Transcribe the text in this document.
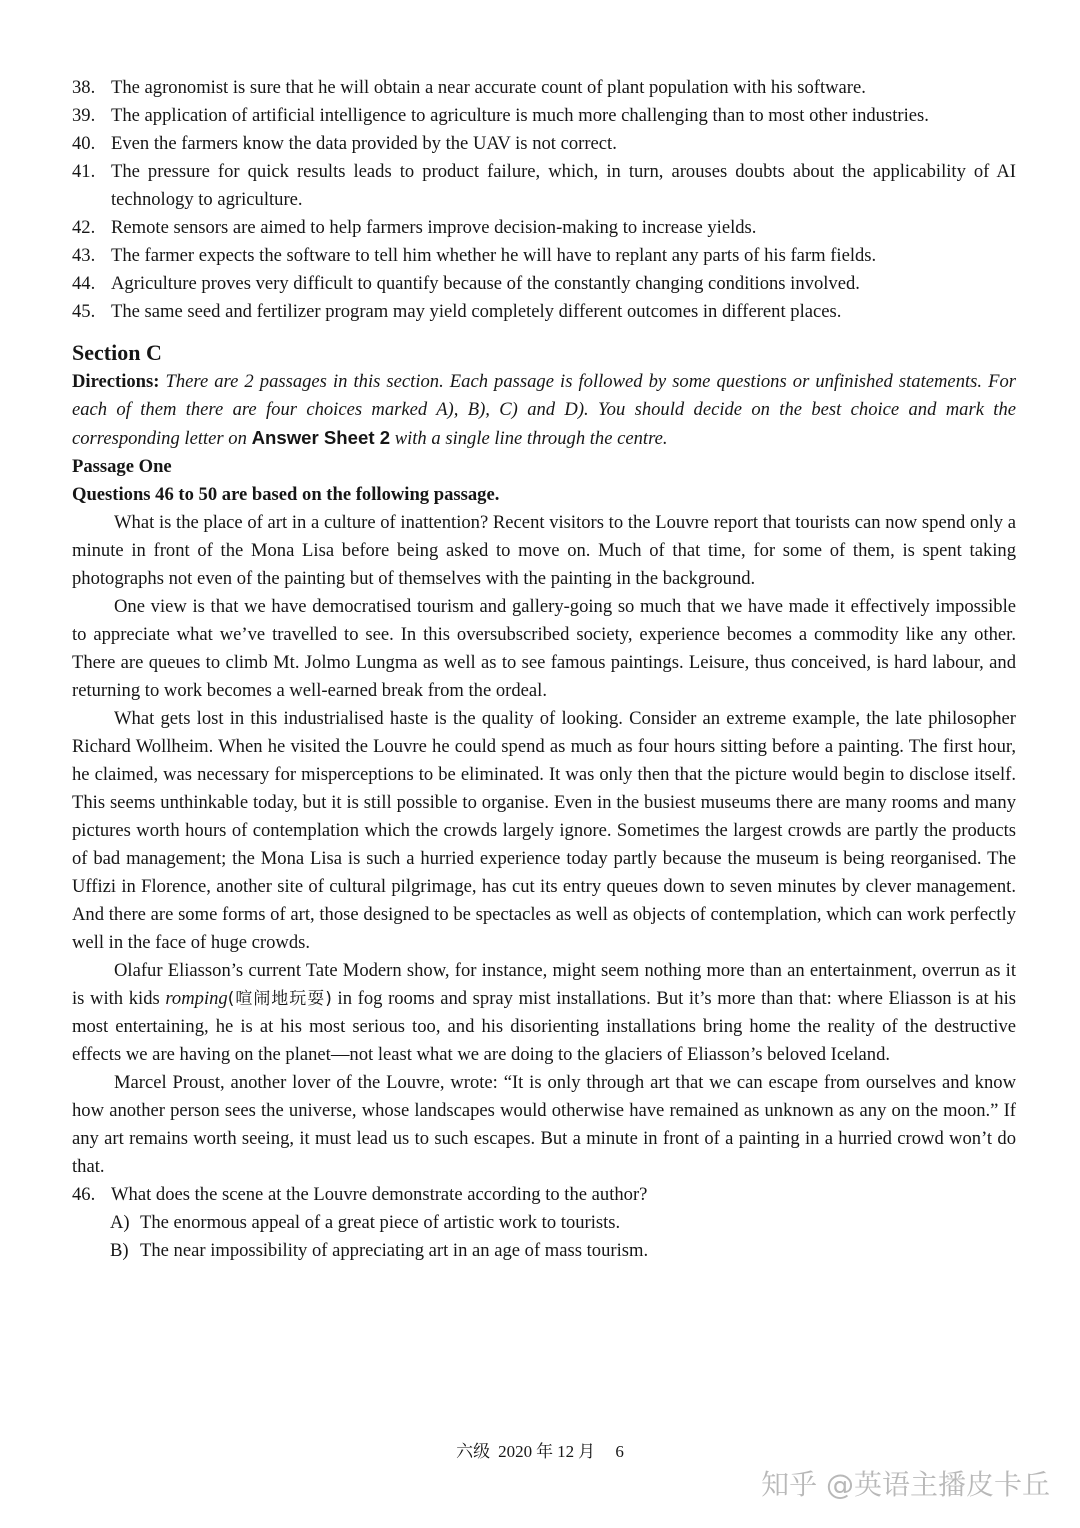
38. The agronomist is sure that he will obtain a near accurate count of plant population with his software.
39. The application of artificial intelligence to agriculture is much more challenging than to most other industries.
40. Even the farmers know the data provided by the UAV is not correct.
41. The pressure for quick results leads to product failure, which, in turn, arouses doubts about the applicability of AI technology to agriculture.
42. Remote sensors are aimed to help farmers improve decision-making to increase yields.
43. The farmer expects the software to tell him whether he will have to replant any parts of his farm fields.
44. Agriculture proves very difficult to quantify because of the constantly changing conditions involved.
45. The same seed and fertilizer program may yield completely different outcomes in different places.
Section C
Directions: There are 2 passages in this section. Each passage is followed by some questions or unfinished statements. For each of them there are four choices marked A), B), C) and D). You should decide on the best choice and mark the corresponding letter on Answer Sheet 2 with a single line through the centre.
Passage One
Questions 46 to 50 are based on the following passage.
What is the place of art in a culture of inattention? Recent visitors to the Louvre report that tourists can now spend only a minute in front of the Mona Lisa before being asked to move on. Much of that time, for some of them, is spent taking photographs not even of the painting but of themselves with the painting in the background.
One view is that we have democratised tourism and gallery-going so much that we have made it effectively impossible to appreciate what we’ve travelled to see. In this oversubscribed society, experience becomes a commodity like any other. There are queues to climb Mt. Jolmo Lungma as well as to see famous paintings. Leisure, thus conceived, is hard labour, and returning to work becomes a well-earned break from the ordeal.
What gets lost in this industrialised haste is the quality of looking. Consider an extreme example, the late philosopher Richard Wollheim. When he visited the Louvre he could spend as much as four hours sitting before a painting. The first hour, he claimed, was necessary for misperceptions to be eliminated. It was only then that the picture would begin to disclose itself. This seems unthinkable today, but it is still possible to organise. Even in the busiest museums there are many rooms and many pictures worth hours of contemplation which the crowds largely ignore. Sometimes the largest crowds are partly the products of bad management; the Mona Lisa is such a hurried experience today partly because the museum is being reorganised. The Uffizi in Florence, another site of cultural pilgrimage, has cut its entry queues down to seven minutes by clever management. And there are some forms of art, those designed to be spectacles as well as objects of contemplation, which can work perfectly well in the face of huge crowds.
Olafur Eliasson’s current Tate Modern show, for instance, might seem nothing more than an entertainment, overrun as it is with kids romping(喧闹地玩耍) in fog rooms and spray mist installations. But it’s more than that: where Eliasson is at his most entertaining, he is at his most serious too, and his disorienting installations bring home the reality of the destructive effects we are having on the planet—not least what we are doing to the glaciers of Eliasson’s beloved Iceland.
Marcel Proust, another lover of the Louvre, wrote: “It is only through art that we can escape from ourselves and know how another person sees the universe, whose landscapes would otherwise have remained as unknown as any on the moon.” If any art remains worth seeing, it must lead us to such escapes. But a minute in front of a painting in a hurried crowd won’t do that.
46. What does the scene at the Louvre demonstrate according to the author?
A) The enormous appeal of a great piece of artistic work to tourists.
B) The near impossibility of appreciating art in an age of mass tourism.
六级 2020 年 12 月 6
知乎 @英语主播皮卡丘
